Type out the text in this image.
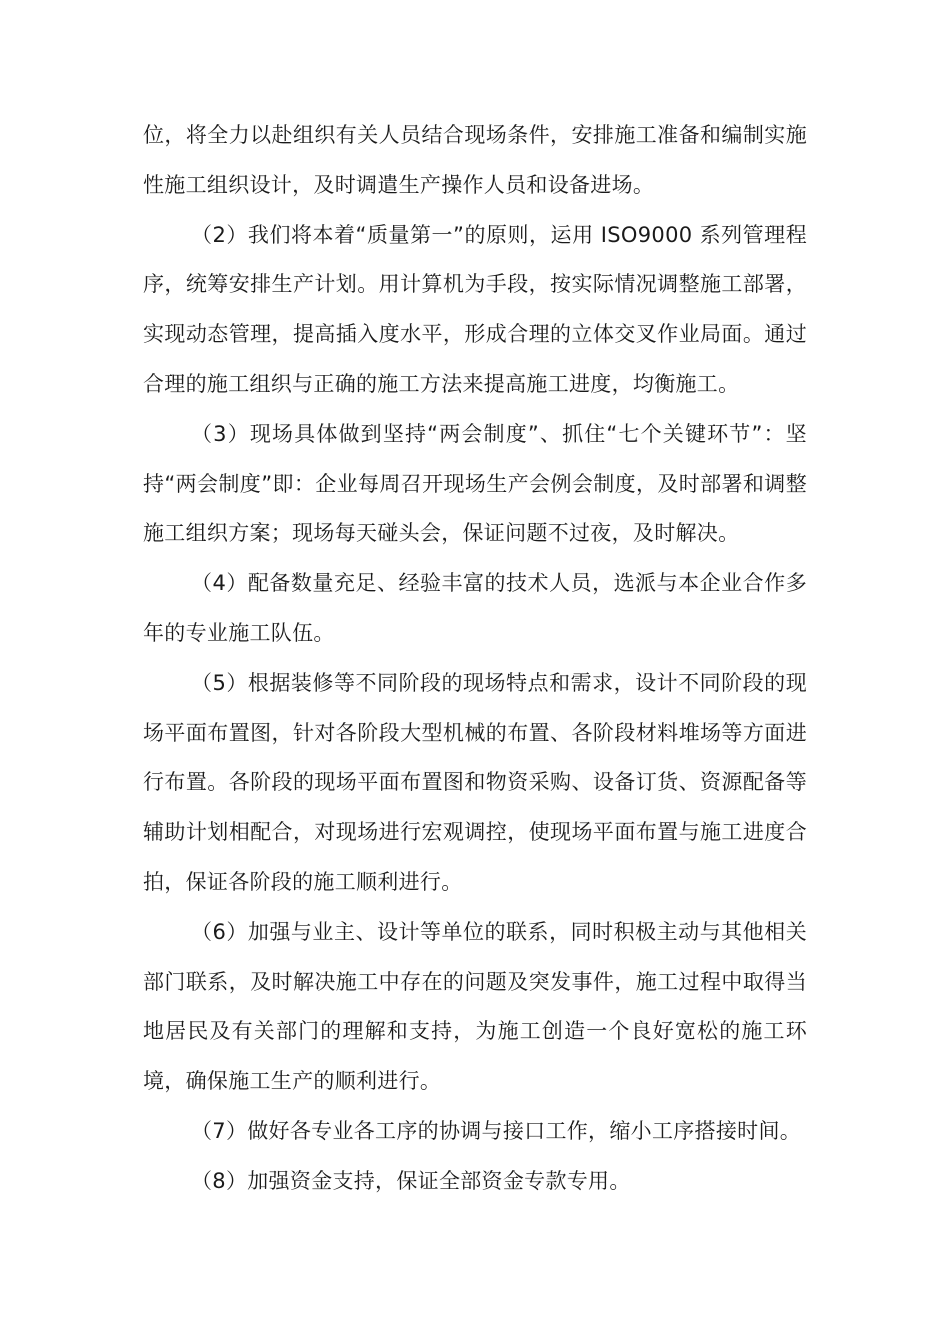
位，将全力以赴组织有关人员结合现场条件，安排施工准备和编制实施性施工组织设计，及时调遣生产操作人员和设备进场。

（2）我们将本着“质量第一”的原则，运用 ISO9000 系列管理程序，统筹安排生产计划。用计算机为手段，按实际情况调整施工部署，实现动态管理，提高插入度水平，形成合理的立体交叉作业局面。通过合理的施工组织与正确的施工方法来提高施工进度，均衡施工。

（3）现场具体做到坚持“两会制度”、抓住“七个关键环节”：坚持“两会制度”即：企业每周召开现场生产会例会制度，及时部署和调整施工组织方案；现场每天碰头会，保证问题不过夜，及时解决。

（4）配备数量充足、经验丰富的技术人员，选派与本企业合作多年的专业施工队伍。

（5）根据装修等不同阶段的现场特点和需求，设计不同阶段的现场平面布置图，针对各阶段大型机械的布置、各阶段材料堆场等方面进行布置。各阶段的现场平面布置图和物资采购、设备订货、资源配备等辅助计划相配合，对现场进行宏观调控，使现场平面布置与施工进度合拍，保证各阶段的施工顺利进行。

（6）加强与业主、设计等单位的联系，同时积极主动与其他相关部门联系，及时解决施工中存在的问题及突发事件，施工过程中取得当地居民及有关部门的理解和支持，为施工创造一个良好宽松的施工环境，确保施工生产的顺利进行。

（7）做好各专业各工序的协调与接口工作，缩小工序搭接时间。

（8）加强资金支持，保证全部资金专款专用。
